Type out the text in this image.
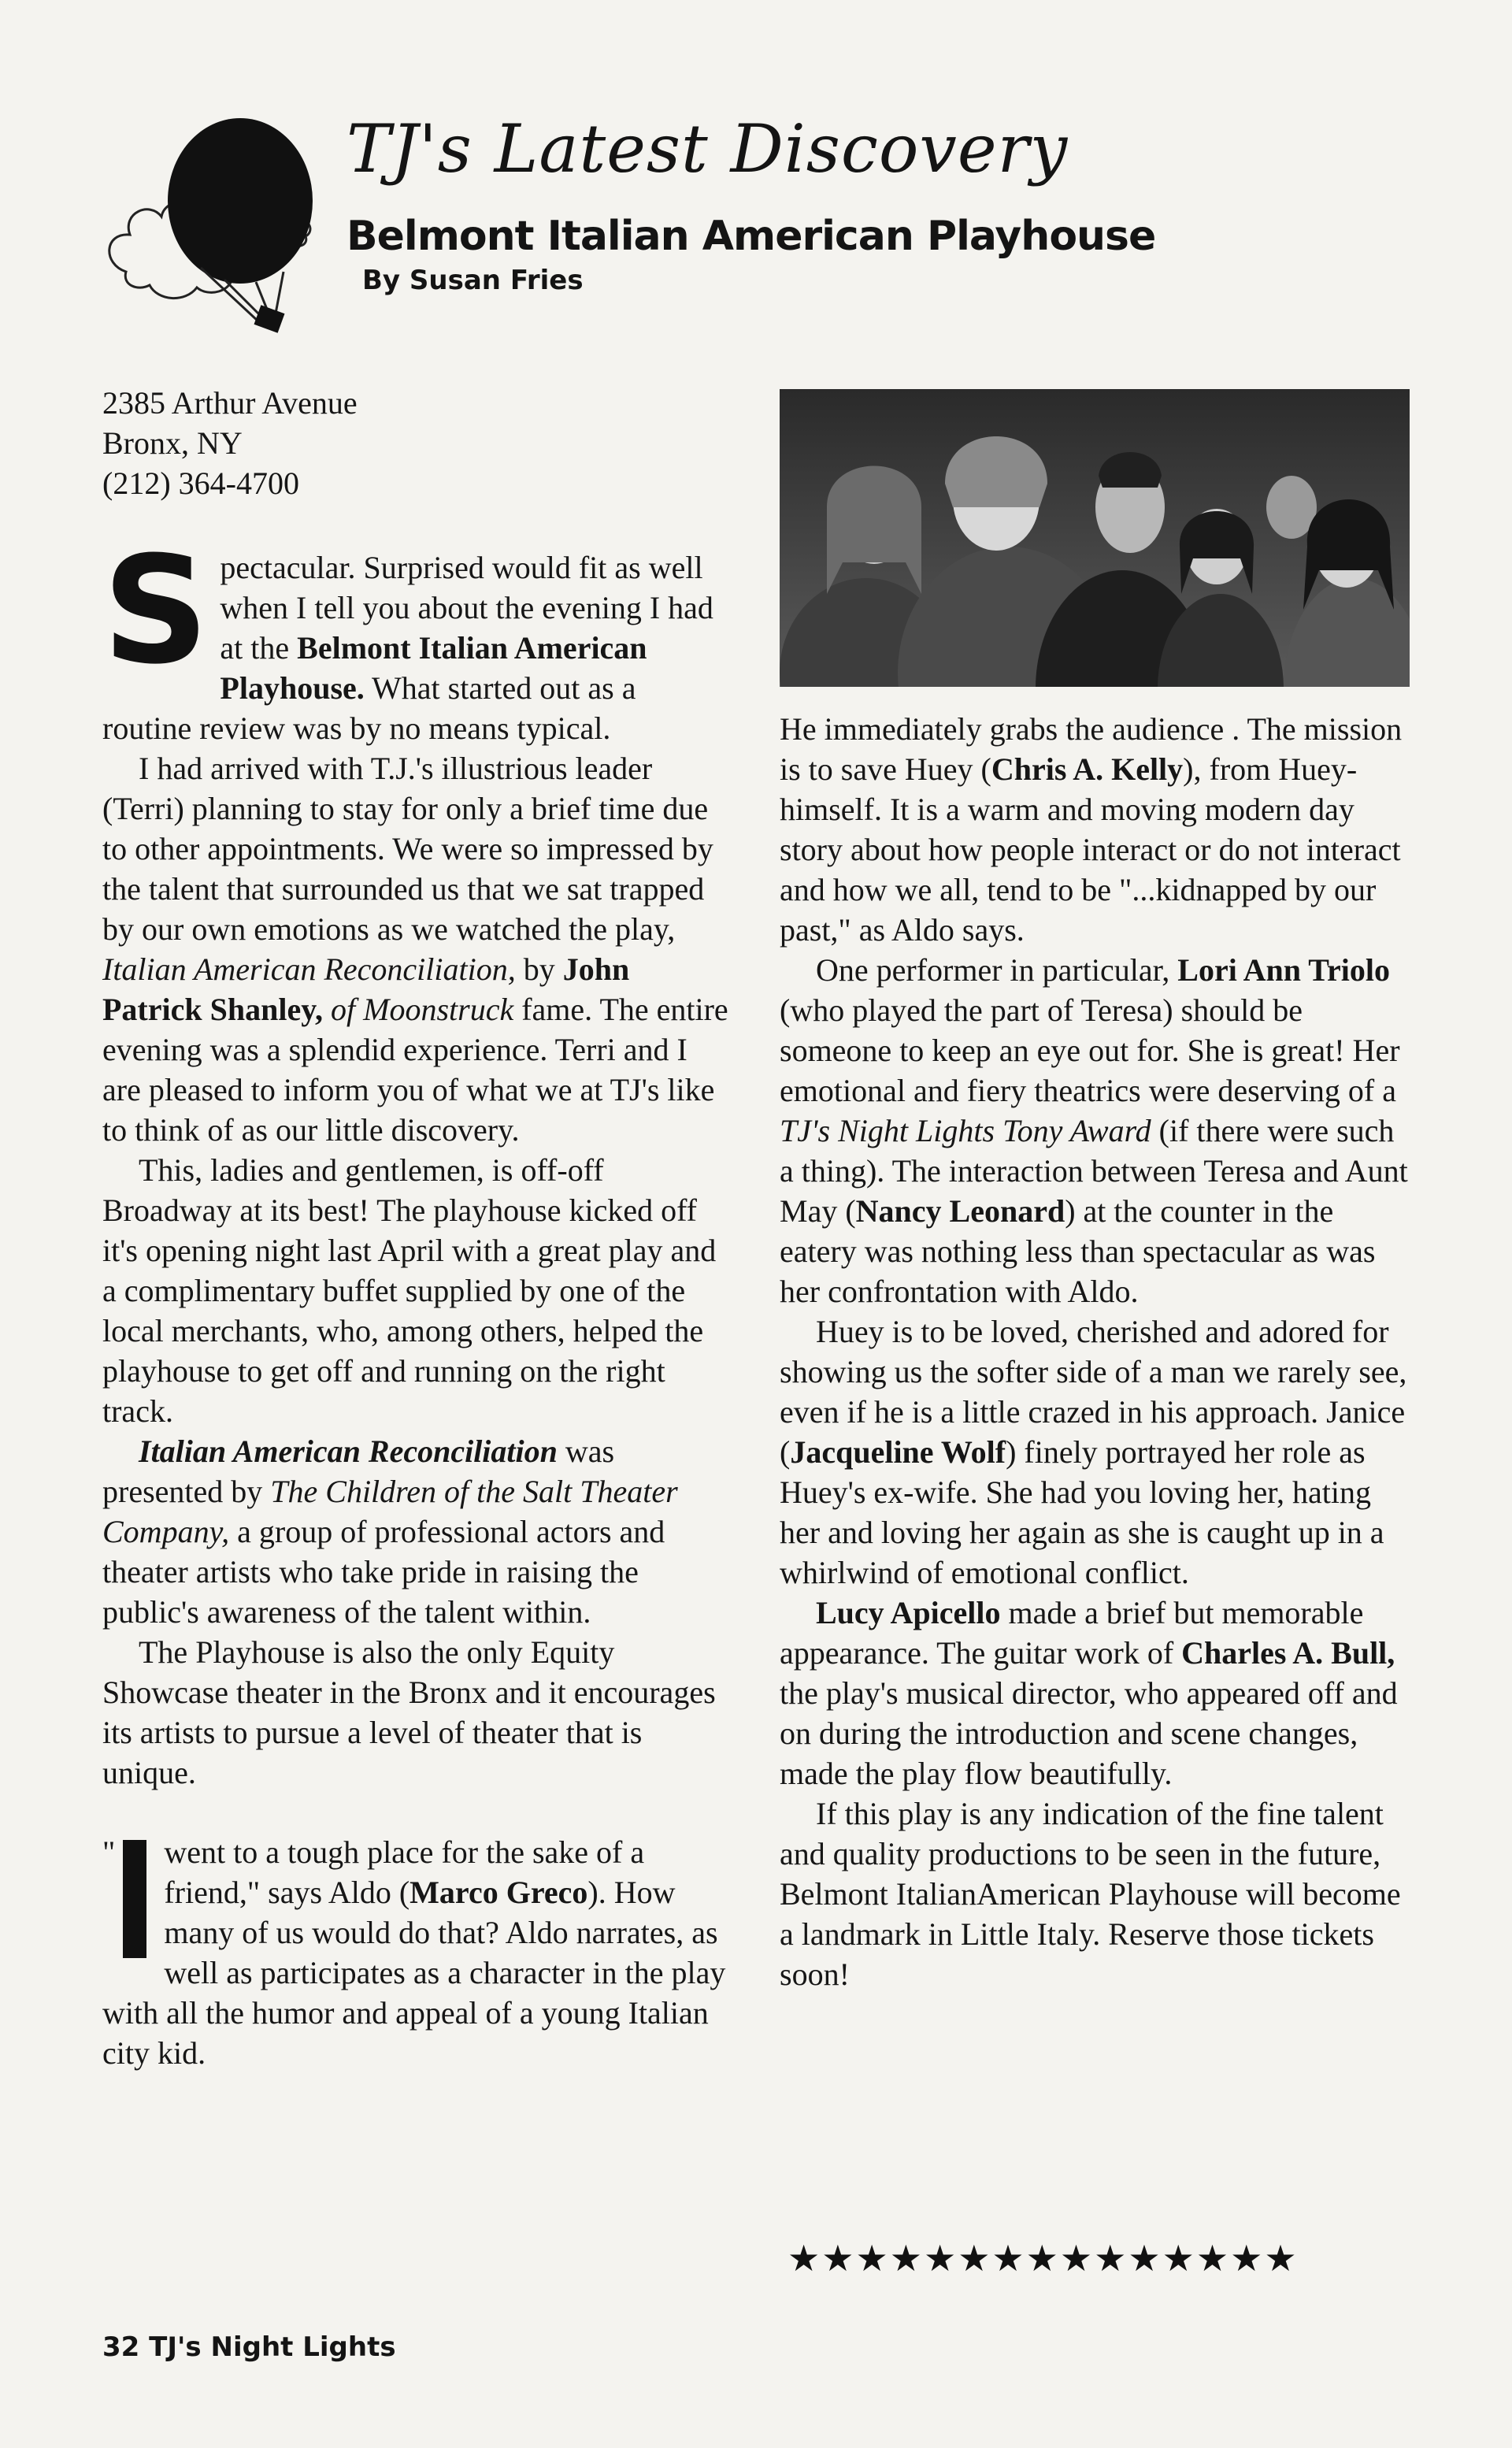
TJ's Latest Discovery
Belmont Italian American Playhouse
By Susan Fries
2385 Arthur Avenue
Bronx, NY
(212) 364-4700

Spectacular. Surprised would fit as well when I tell you about the evening I had at the Belmont Italian American Playhouse. What started out as a routine review was by no means typical.

I had arrived with T.J.'s illustrious leader (Terri) planning to stay for only a brief time due to other appointments. We were so impressed by the talent that surrounded us that we sat trapped by our own emotions as we watched the play, Italian American Reconciliation, by John Patrick Shanley, of Moonstruck fame. The entire evening was a splendid experience. Terri and I are pleased to inform you of what we at TJ's like to think of as our little discovery.

This, ladies and gentlemen, is off-off Broadway at its best! The playhouse kicked off it's opening night last April with a great play and a complimentary buffet supplied by one of the local merchants, who, among others, helped the playhouse to get off and running on the right track.

Italian American Reconciliation was presented by The Children of the Salt Theater Company, a group of professional actors and theater artists who take pride in raising the public's awareness of the talent within.

The Playhouse is also the only Equity Showcase theater in the Bronx and it encourages its artists to pursue a level of theater that is unique.

" went to a tough place for the sake of a friend," says Aldo (Marco Greco). How many of us would do that? Aldo narrates, as well as participates as a character in the play with all the humor and appeal of a young Italian city kid.

He immediately grabs the audience . The mission is to save Huey (Chris A. Kelly), from Huey-himself. It is a warm and moving modern day story about how people interact or do not interact and how we all, tend to be "...kidnapped by our past," as Aldo says.

One performer in particular, Lori Ann Triolo (who played the part of Teresa) should be someone to keep an eye out for. She is great! Her emotional and fiery theatrics were deserving of a TJ's Night Lights Tony Award (if there were such a thing). The interaction between Teresa and Aunt May (Nancy Leonard) at the counter in the eatery was nothing less than spectacular as was her confrontation with Aldo.

Huey is to be loved, cherished and adored for showing us the softer side of a man we rarely see, even if he is a little crazed in his approach. Janice (Jacqueline Wolf) finely portrayed her role as Huey's ex-wife. She had you loving her, hating her and loving her again as she is caught up in a whirlwind of emotional conflict.

Lucy Apicello made a brief but memorable appearance. The guitar work of Charles A. Bull, the play's musical director, who appeared off and on during the introduction and scene changes, made the play flow beautifully.

If this play is any indication of the fine talent and quality productions to be seen in the future, Belmont ItalianAmerican Playhouse will become a landmark in Little Italy. Reserve those tickets soon!

★★★★★★★★★★★★★★★
32 TJ's Night Lights
